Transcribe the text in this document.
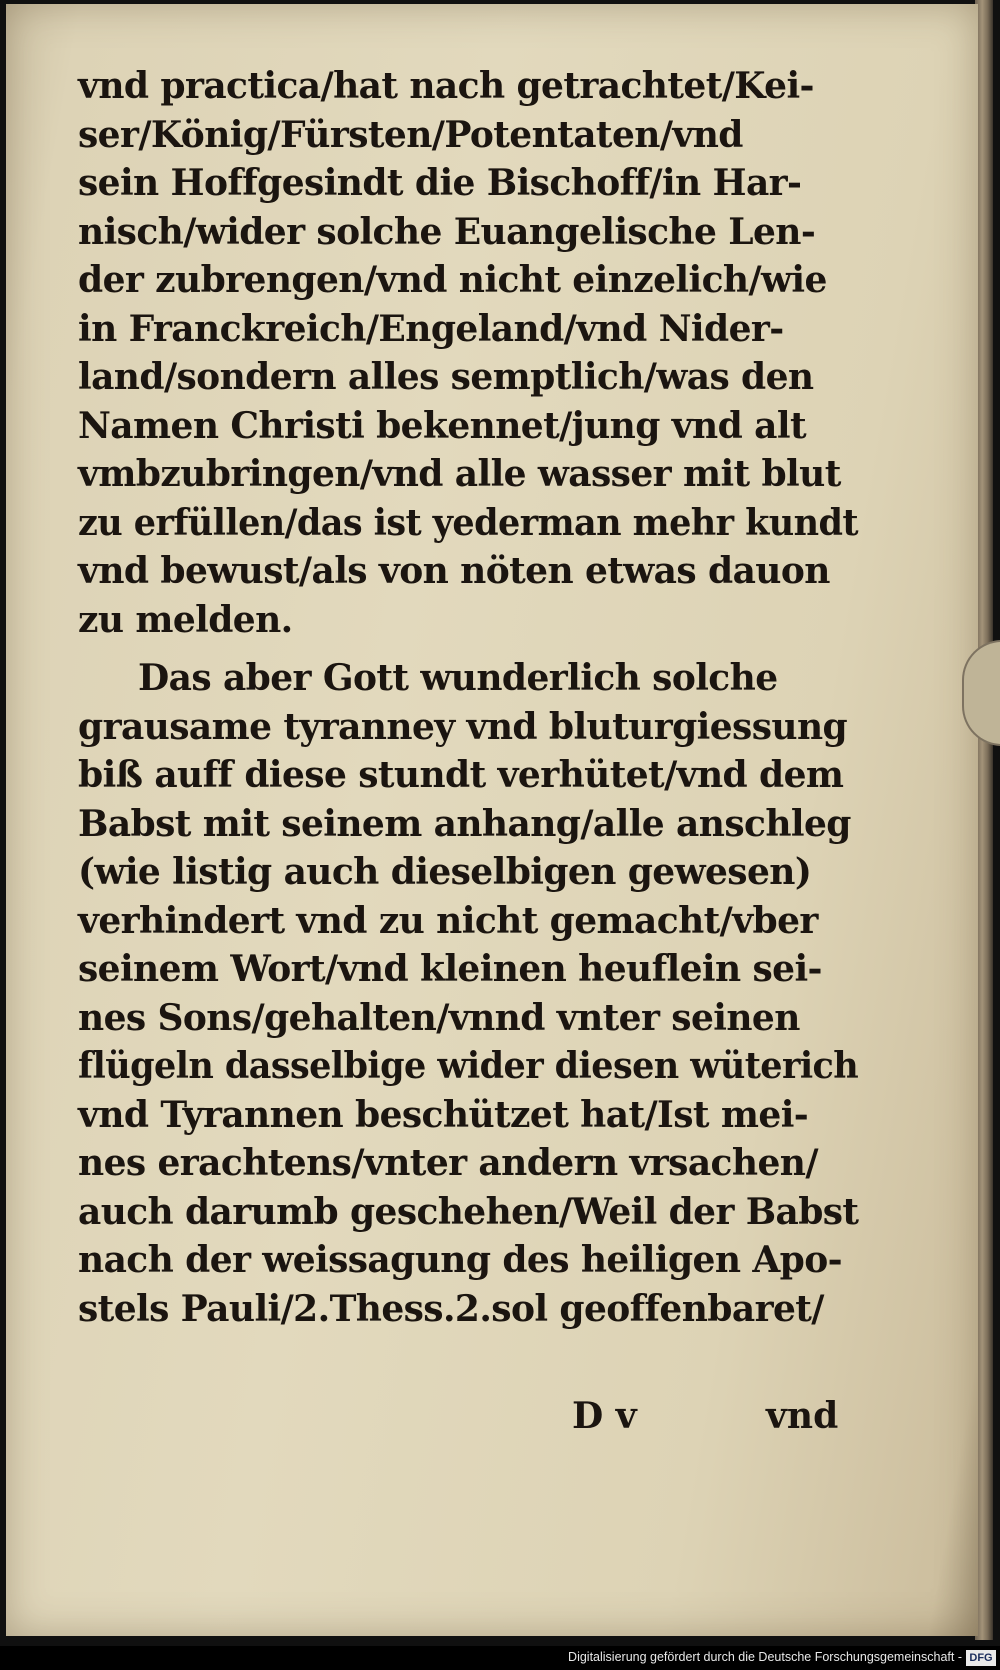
vnd practica/hat nach getrachtet/Kei-
ser/König/Fürsten/Potentaten/vnd
sein Hoffgesindt die Bischoff/in Har-
nisch/wider solche Euangelische Len-
der zubrengen/vnd nicht einzelich/wie
in Franckreich/Engeland/vnd Nider-
land/sondern alles semptlich/was den
Namen Christi bekennet/jung vnd alt
vmbzubringen/vnd alle wasser mit blut
zu erfüllen/das ist yederman mehr kundt
vnd bewust/als von nöten etwas dauon
zu melden.
Das aber Gott wunderlich solche
grausame tyranney vnd bluturgiessung
biß auff diese stundt verhütet/vnd dem
Babst mit seinem anhang/alle anschleg
(wie listig auch dieselbigen gewesen)
verhindert vnd zu nicht gemacht/vber
seinem Wort/vnd kleinen heuflein sei-
nes Sons/gehalten/vnnd vnter seinen
flügeln dasselbige wider diesen wüterich
vnd Tyrannen beschützet hat/Ist mei-
nes erachtens/vnter andern vrsachen/
auch darumb geschehen/Weil der Babst
nach der weissagung des heiligen Apo-
stels Pauli/2.Thess.2.sol geoffenbaret/
D v	vnd
Digitalisierung gefördert durch die Deutsche Forschungsgemeinschaft - DFG
